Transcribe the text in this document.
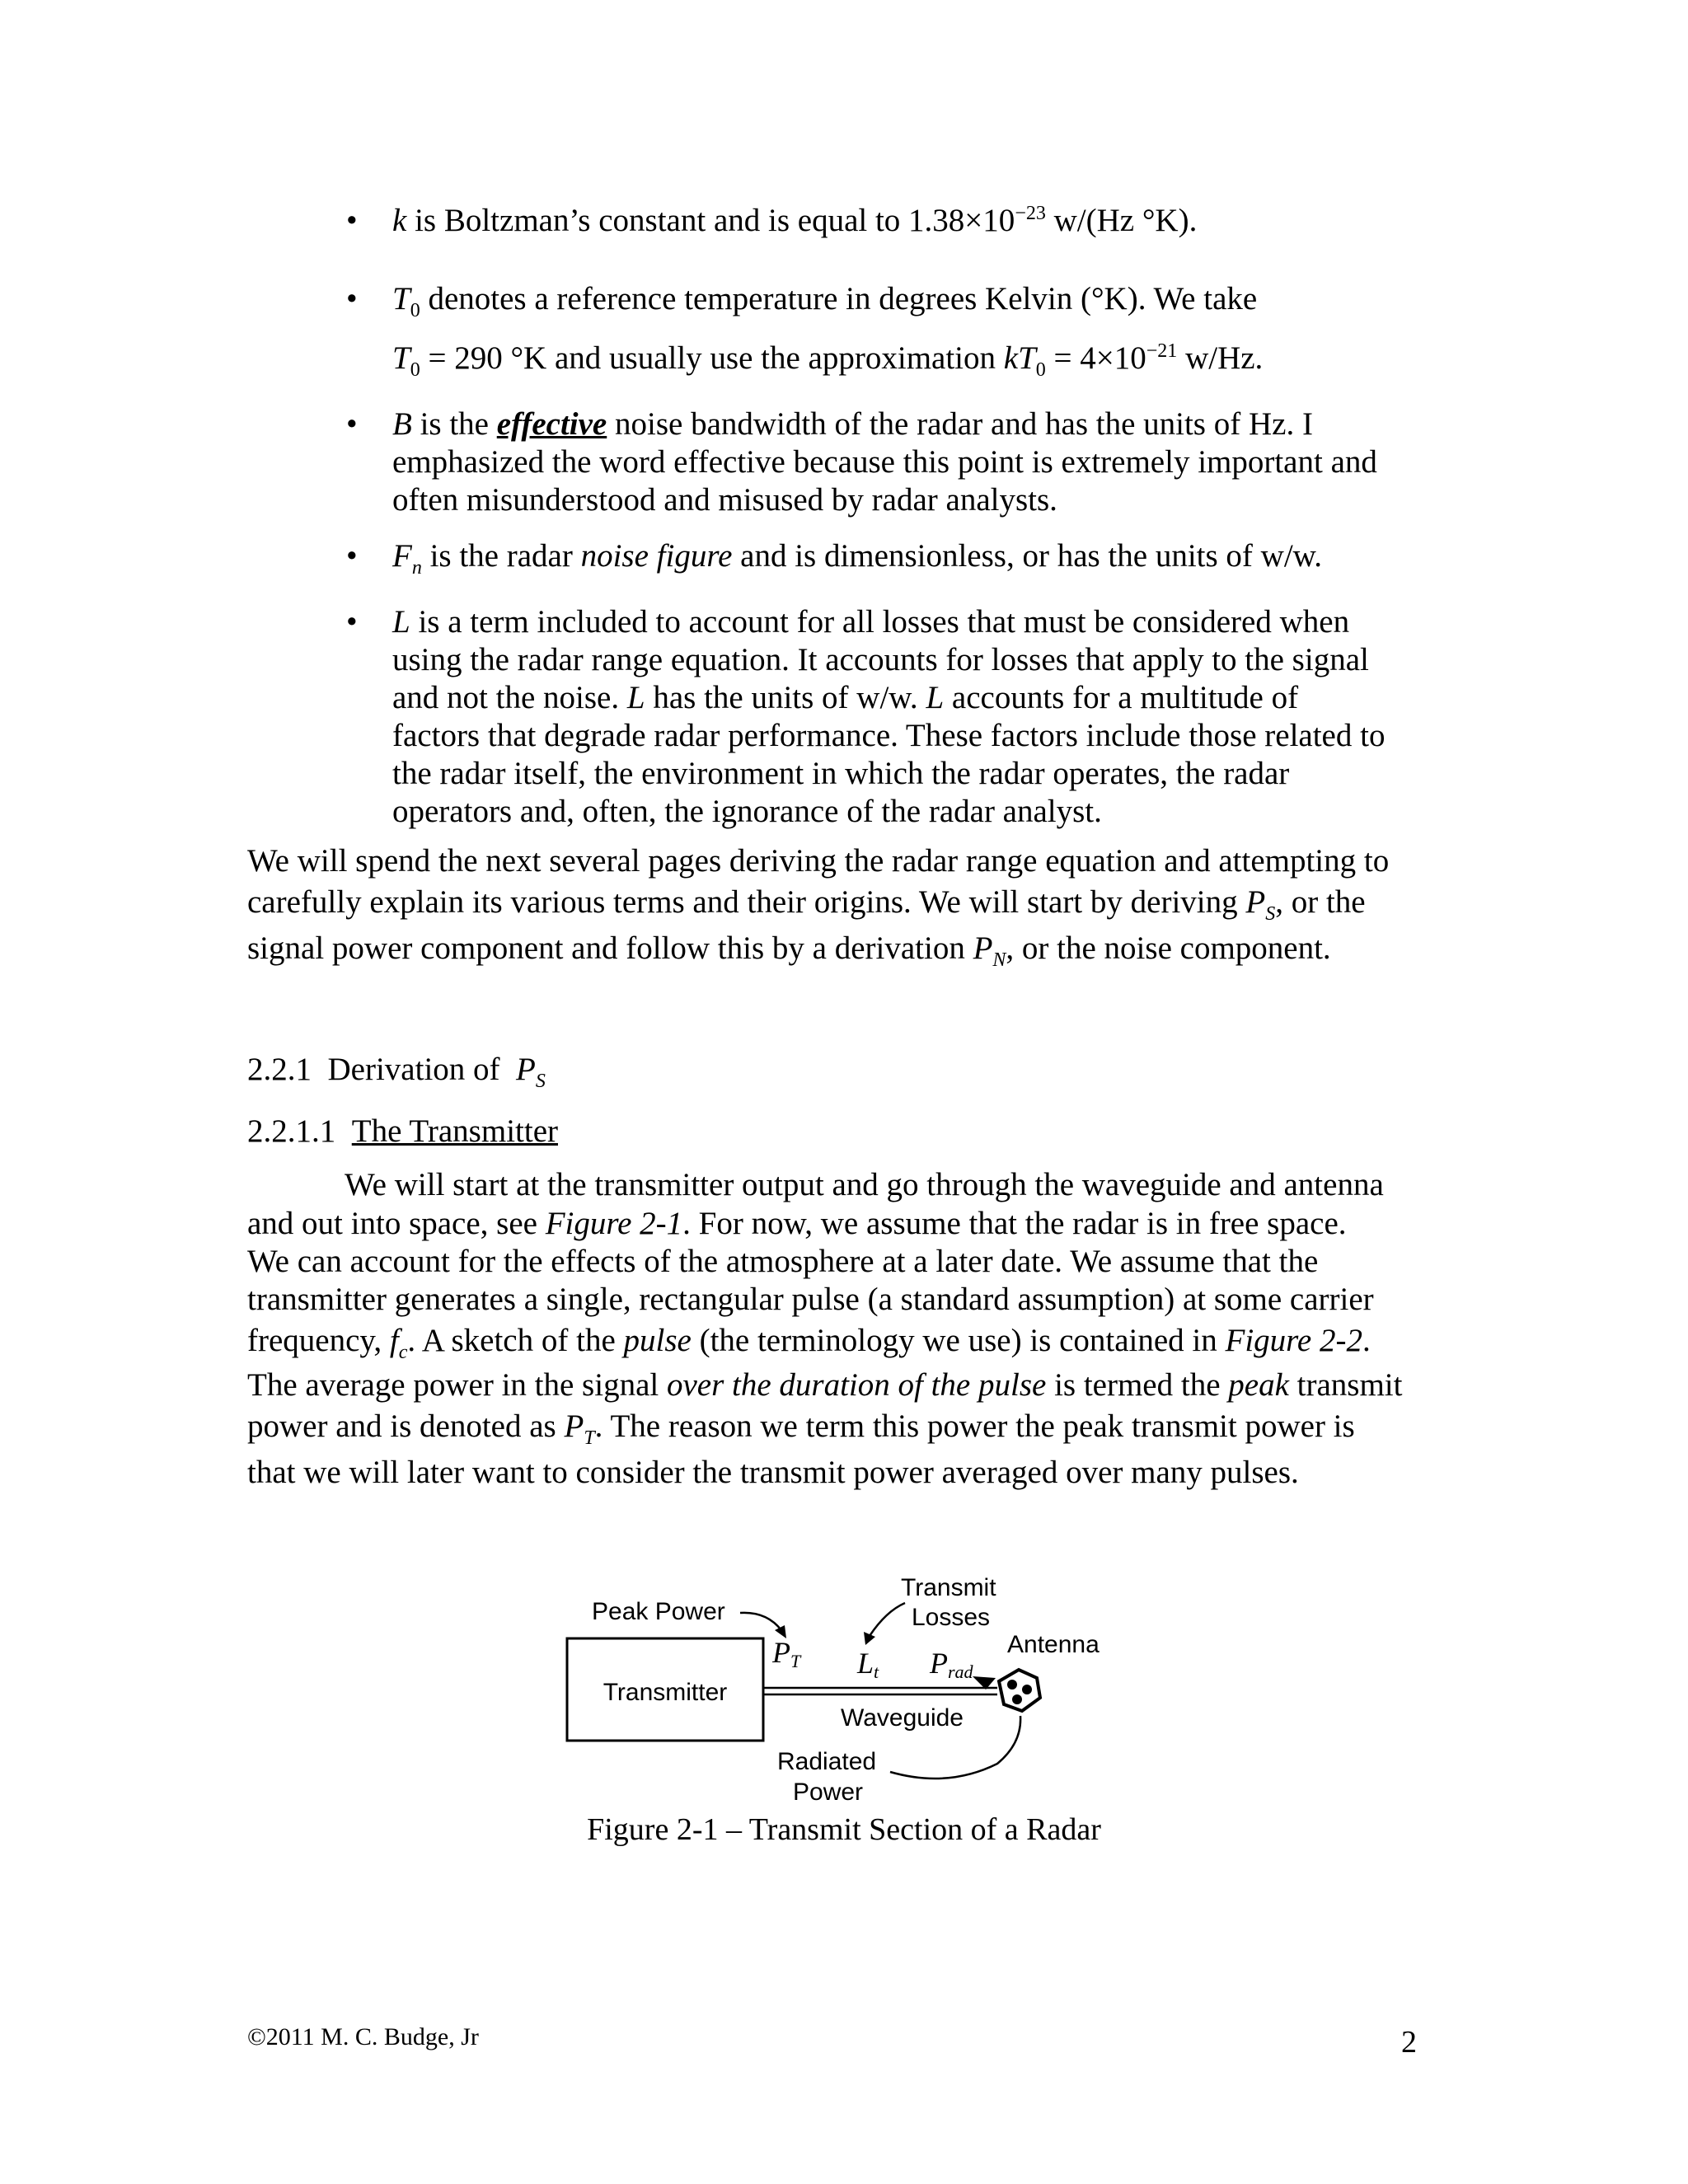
• k is Boltzman’s constant and is equal to $1.38\times 10^{-23}$ w/(Hz °K).
• $T_0$ denotes a reference temperature in degrees Kelvin (°K). We take
$T_0 = 290$ °K and usually use the approximation $kT_0 = 4\times 10^{-21}$ w/Hz.
• B is the effective noise bandwidth of the radar and has the units of Hz. I
emphasized the word effective because this point is extremely important and
often misunderstood and misused by radar analysts.
• $F_n$ is the radar noise figure and is dimensionless, or has the units of w/w.
• L is a term included to account for all losses that must be considered when
using the radar range equation. It accounts for losses that apply to the signal
and not the noise. L has the units of w/w. L accounts for a multitude of
factors that degrade radar performance. These factors include those related to
the radar itself, the environment in which the radar operates, the radar
operators and, often, the ignorance of the radar analyst.
We will spend the next several pages deriving the radar range equation and attempting to
carefully explain its various terms and their origins. We will start by deriving $P_S$, or the
signal power component and follow this by a derivation $P_N$, or the noise component.
2.2.1 Derivation of $P_S$
2.2.1.1 The Transmitter
We will start at the transmitter output and go through the waveguide and antenna
and out into space, see Figure 2-1. For now, we assume that the radar is in free space.
We can account for the effects of the atmosphere at a later date. We assume that the
transmitter generates a single, rectangular pulse (a standard assumption) at some carrier
frequency, $f_c$. A sketch of the pulse (the terminology we use) is contained in Figure 2-2.
The average power in the signal over the duration of the pulse is termed the peak transmit
power and is denoted as $P_T$. The reason we term this power the peak transmit power is
that we will later want to consider the transmit power averaged over many pulses.
Transmitter
Peak Power
Transmit
Losses
Antenna
PT Lt Prad
Waveguide
Radiated
Power
Figure 2-1 – Transmit Section of a Radar
©2011 M. C. Budge, Jr	2
